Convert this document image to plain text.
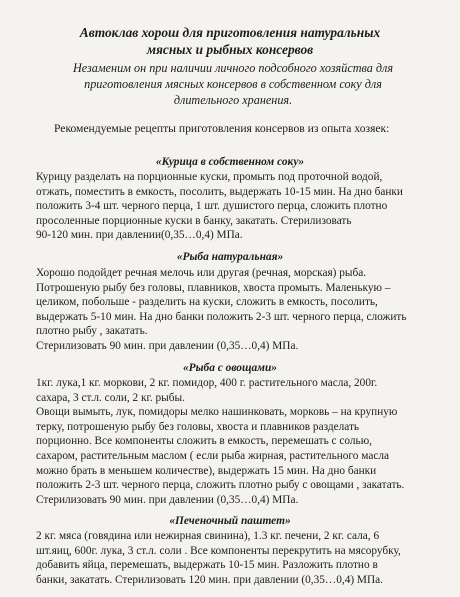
Автоклав хорош для приготовления натуральных
мясных и рыбных консервов

Незаменим он при наличии личного подсобного хозяйства для
приготовления мясных консервов в собственном соку для
длительного хранения.

Рекомендуемые рецепты приготовления консервов из опыта хозяек:

«Курица в собственном соку»

Курицу разделать на порционные куски, промыть под проточной водой,
отжать, поместить в емкость, посолить, выдержать 10-15 мин. На дно банки
положить 3-4 шт. черного перца, 1 шт. душистого перца, сложить плотно
просоленные порционные куски в банку, закатать. Стерилизовать
90-120 мин. при давлении(0,35…0,4) МПа.

«Рыба натуральная»

Хорошо подойдет речная мелочь или другая (речная, морская) рыба.
Потрошеную рыбу без головы, плавников, хвоста промыть. Маленькую –
целиком, побольше - разделить на куски, сложить в емкость, посолить,
выдержать 5-10 мин. На дно банки положить 2-3 шт. черного перца, сложить
плотно рыбу , закатать.
Стерилизовать 90 мин. при давлении (0,35…0,4) МПа.

«Рыба с овощами»

1кг. лука,1 кг. моркови, 2 кг. помидор, 400 г. растительного масла, 200г.
сахара, 3 ст.л. соли, 2 кг. рыбы.
Овощи вымыть, лук, помидоры мелко нашинковать, морковь – на крупную
терку, потрошеную рыбу без головы, хвоста и плавников разделать
порционно. Все компоненты сложить в емкость, перемешать с солью,
сахаром, растительным маслом ( если рыба жирная, растительного масла
можно брать в меньшем количестве), выдержать 15 мин. На дно банки
положить 2-3 шт. черного перца, сложить плотно рыбу с овощами , закатать.
Стерилизовать 90 мин. при давлении (0,35…0,4) МПа.

«Печеночный паштет»

2 кг. мяса (говядина или нежирная свинина), 1.3 кг. печени, 2 кг. сала, 6
шт.яиц, 600г. лука, 3 ст.л. соли . Все компоненты перекрутить на мясорубку,
добавить яйца, перемешать, выдержать 10-15 мин. Разложить плотно в
банки, закатать. Стерилизовать 120 мин. при давлении (0,35…0,4) МПа.
